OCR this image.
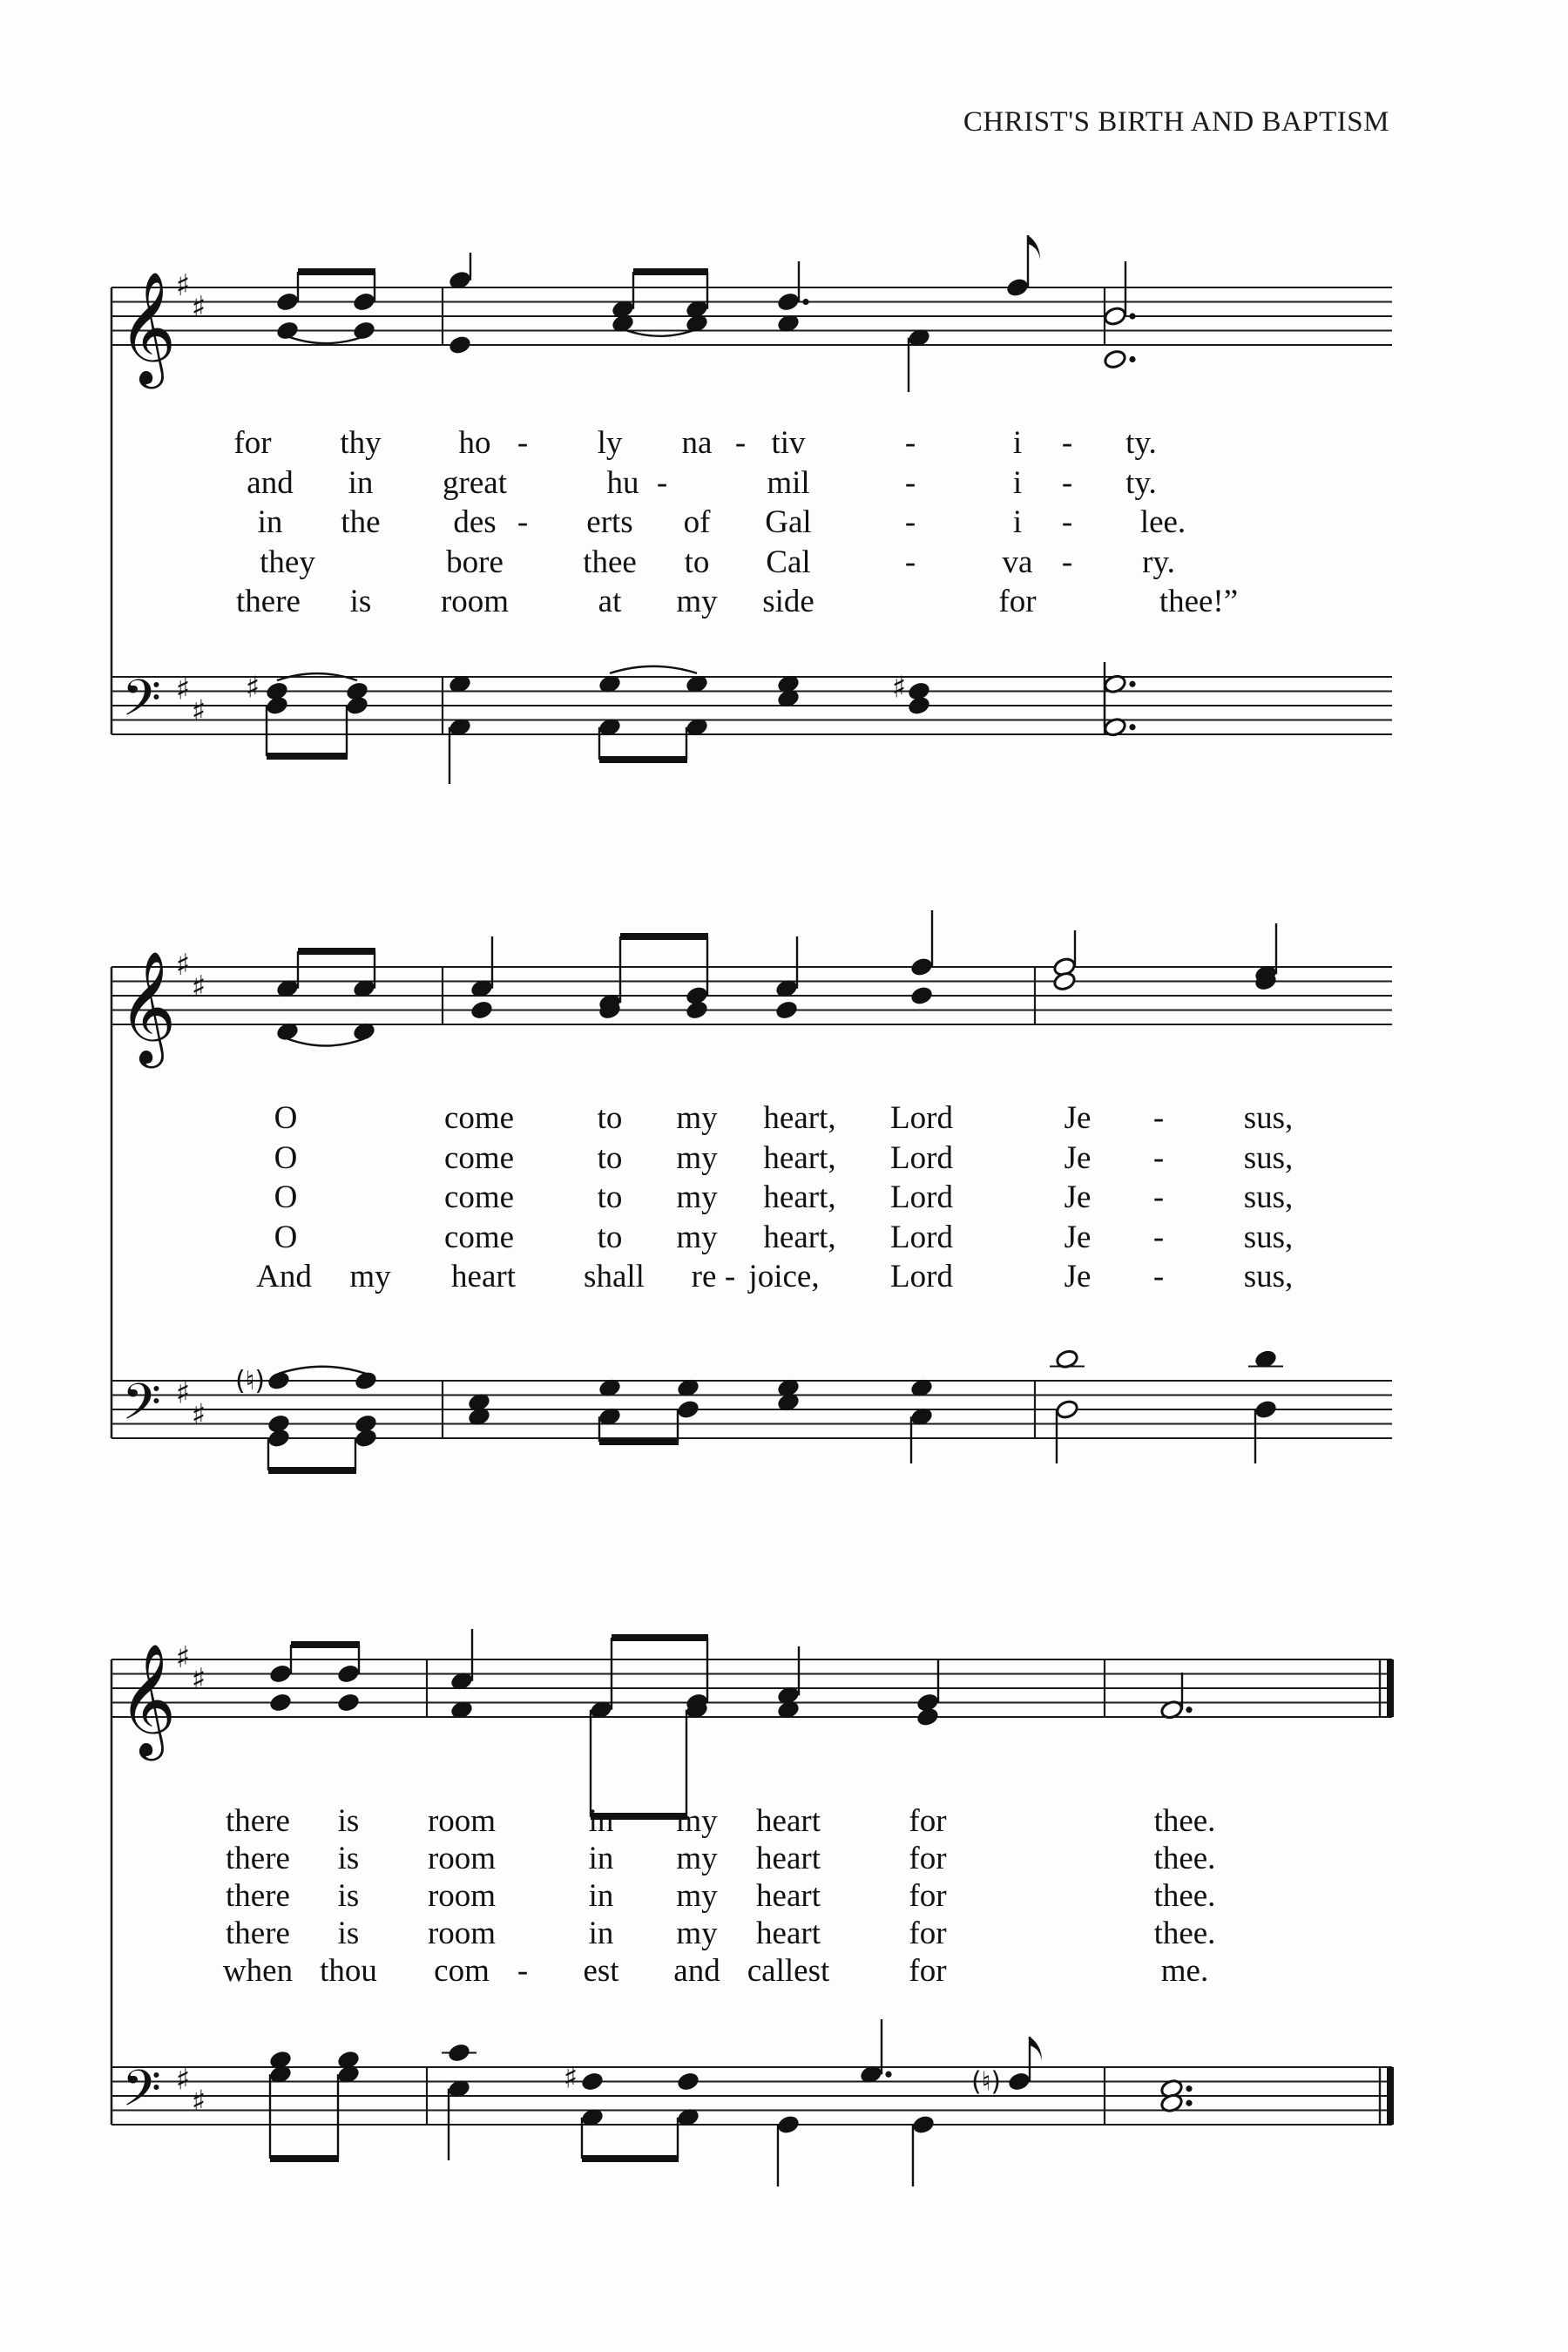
CHRIST'S BIRTH AND BAPTISM
𝄞
𝄢
♯
♯
♯
♯
♯	♯
𝄞
𝄢
♯
♯
♯
♯
(♮)
𝄞
𝄢
♯
♯
♯
♯
♯	(♮)
for thy ho - ly na - tiv	-	i - ty.
and in great	hu -	mil	-	i - ty.
in the des - erts of Gal	-	i - lee.
they	bore thee to Cal	-	va - ry.
there is room	at my side	for	thee!”
O	come	to my heart, Lord	Je - sus,
O	come	to my heart, Lord	Je - sus,
O	come	to my heart, Lord	Je - sus,
O	come	to my heart, Lord	Je - sus,
And my heart shall re - joice, Lord	Je - sus,
there is room	in my heart	for	thee.
there is room	in my heart	for	thee.
there is room	in my heart	for	thee.
there is room	in my heart	for	thee.
when thou com - est and callest for	me.
